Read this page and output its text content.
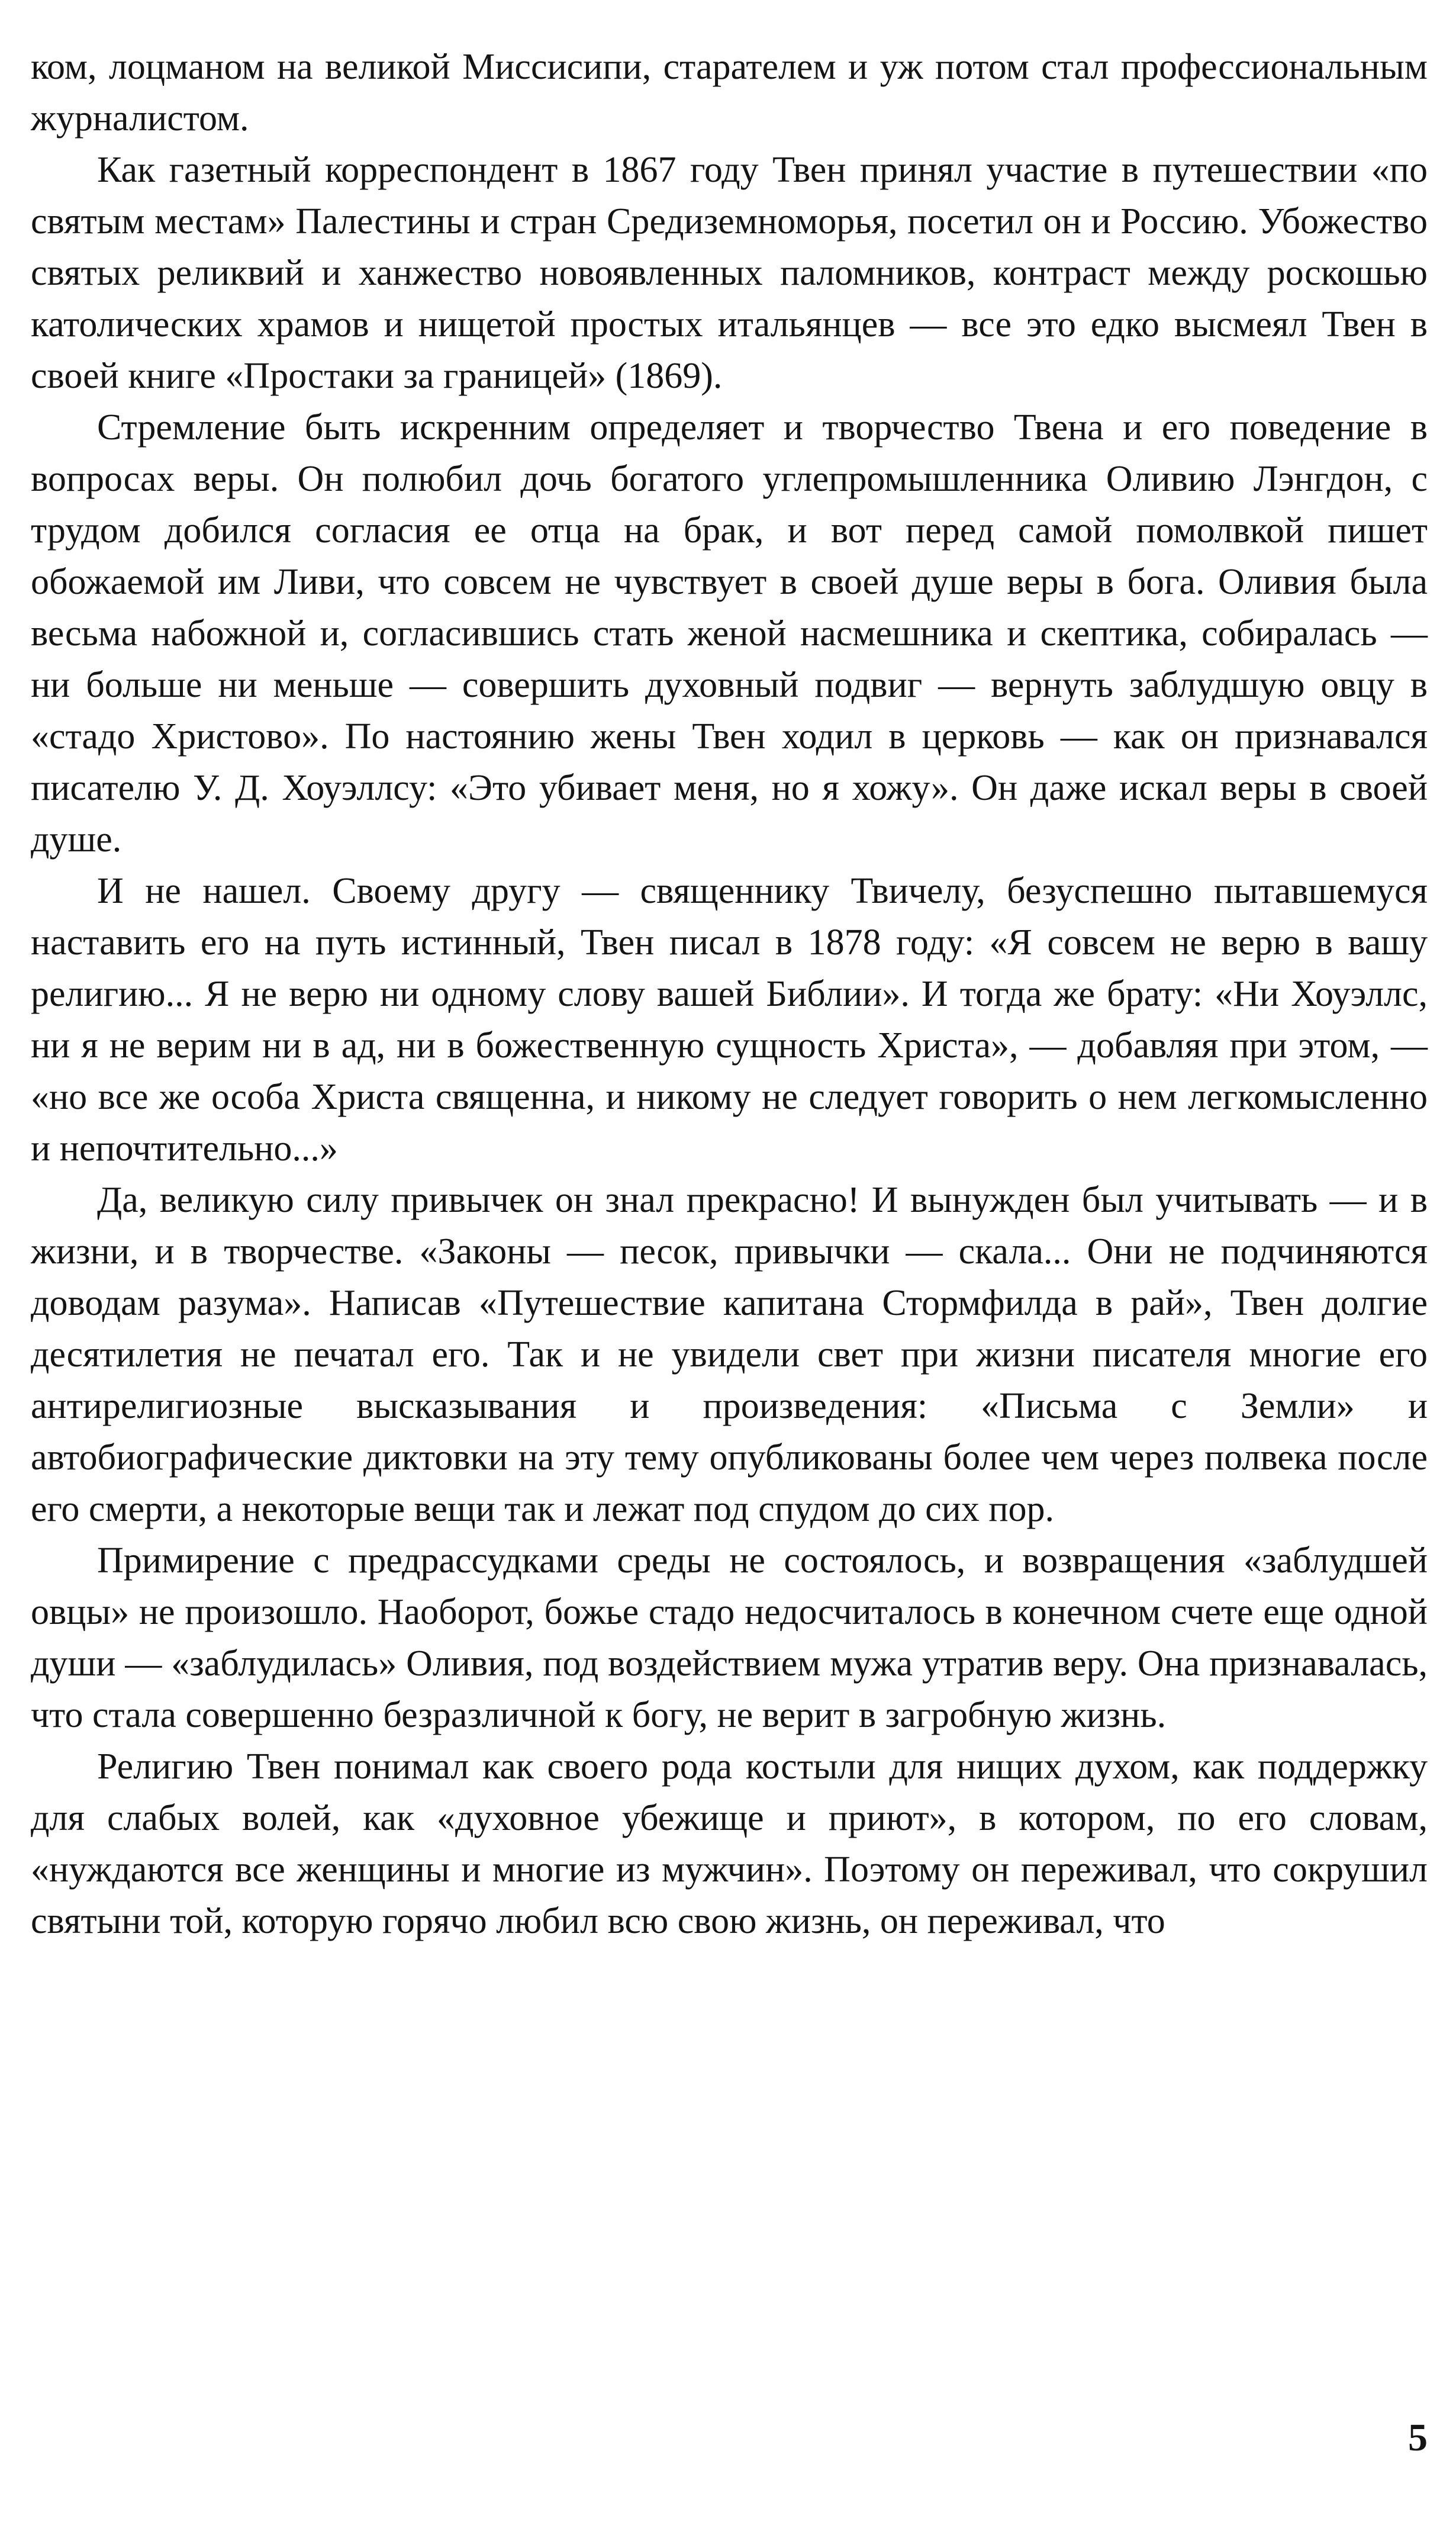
ком, лоцманом на великой Миссисипи, старателем и уж потом стал профессиональным журналистом.

Как газетный корреспондент в 1867 году Твен принял участие в путешествии «по святым местам» Палестины и стран Средиземноморья, посетил он и Россию. Убожество святых реликвий и ханжество новоявленных паломников, контраст между роскошью католических храмов и нищетой простых итальянцев — все это едко высмеял Твен в своей книге «Простаки за границей» (1869).

Стремление быть искренним определяет и творчество Твена и его поведение в вопросах веры. Он полюбил дочь богатого углепромышленника Оливию Лэнгдон, с трудом добился согласия ее отца на брак, и вот перед самой помолвкой пишет обожаемой им Ливи, что совсем не чувствует в своей душе веры в бога. Оливия была весьма набожной и, согласившись стать женой насмешника и скептика, собиралась — ни больше ни меньше — совершить духовный подвиг — вернуть заблудшую овцу в «стадо Христово». По настоянию жены Твен ходил в церковь — как он признавался писателю У. Д. Хоуэллсу: «Это убивает меня, но я хожу». Он даже искал веры в своей душе.

И не нашел. Своему другу — священнику Твичелу, безуспешно пытавшемуся наставить его на путь истинный, Твен писал в 1878 году: «Я совсем не верю в вашу религию... Я не верю ни одному слову вашей Библии». И тогда же брату: «Ни Хоуэллс, ни я не верим ни в ад, ни в божественную сущность Христа», — добавляя при этом, — «но все же особа Христа священна, и никому не следует говорить о нем легкомысленно и непочтительно...»

Да, великую силу привычек он знал прекрасно! И вынужден был учитывать — и в жизни, и в творчестве. «Законы — песок, привычки — скала... Они не подчиняются доводам разума». Написав «Путешествие капитана Стормфилда в рай», Твен долгие десятилетия не печатал его. Так и не увидели свет при жизни писателя многие его антирелигиозные высказывания и произведения: «Письма с Земли» и автобиографические диктовки на эту тему опубликованы более чем через полвека после его смерти, а некоторые вещи так и лежат под спудом до сих пор.

Примирение с предрассудками среды не состоялось, и возвращения «заблудшей овцы» не произошло. Наоборот, божье стадо недосчиталось в конечном счете еще одной души — «заблудилась» Оливия, под воздействием мужа утратив веру. Она признавалась, что стала совершенно безразличной к богу, не верит в загробную жизнь.

Религию Твен понимал как своего рода костыли для нищих духом, как поддержку для слабых волей, как «духовное убежище и приют», в котором, по его словам, «нуждаются все женщины и многие из мужчин». Поэтому он переживал, что сокрушил святыни той, которую горячо любил всю свою жизнь, он переживал, что

5
